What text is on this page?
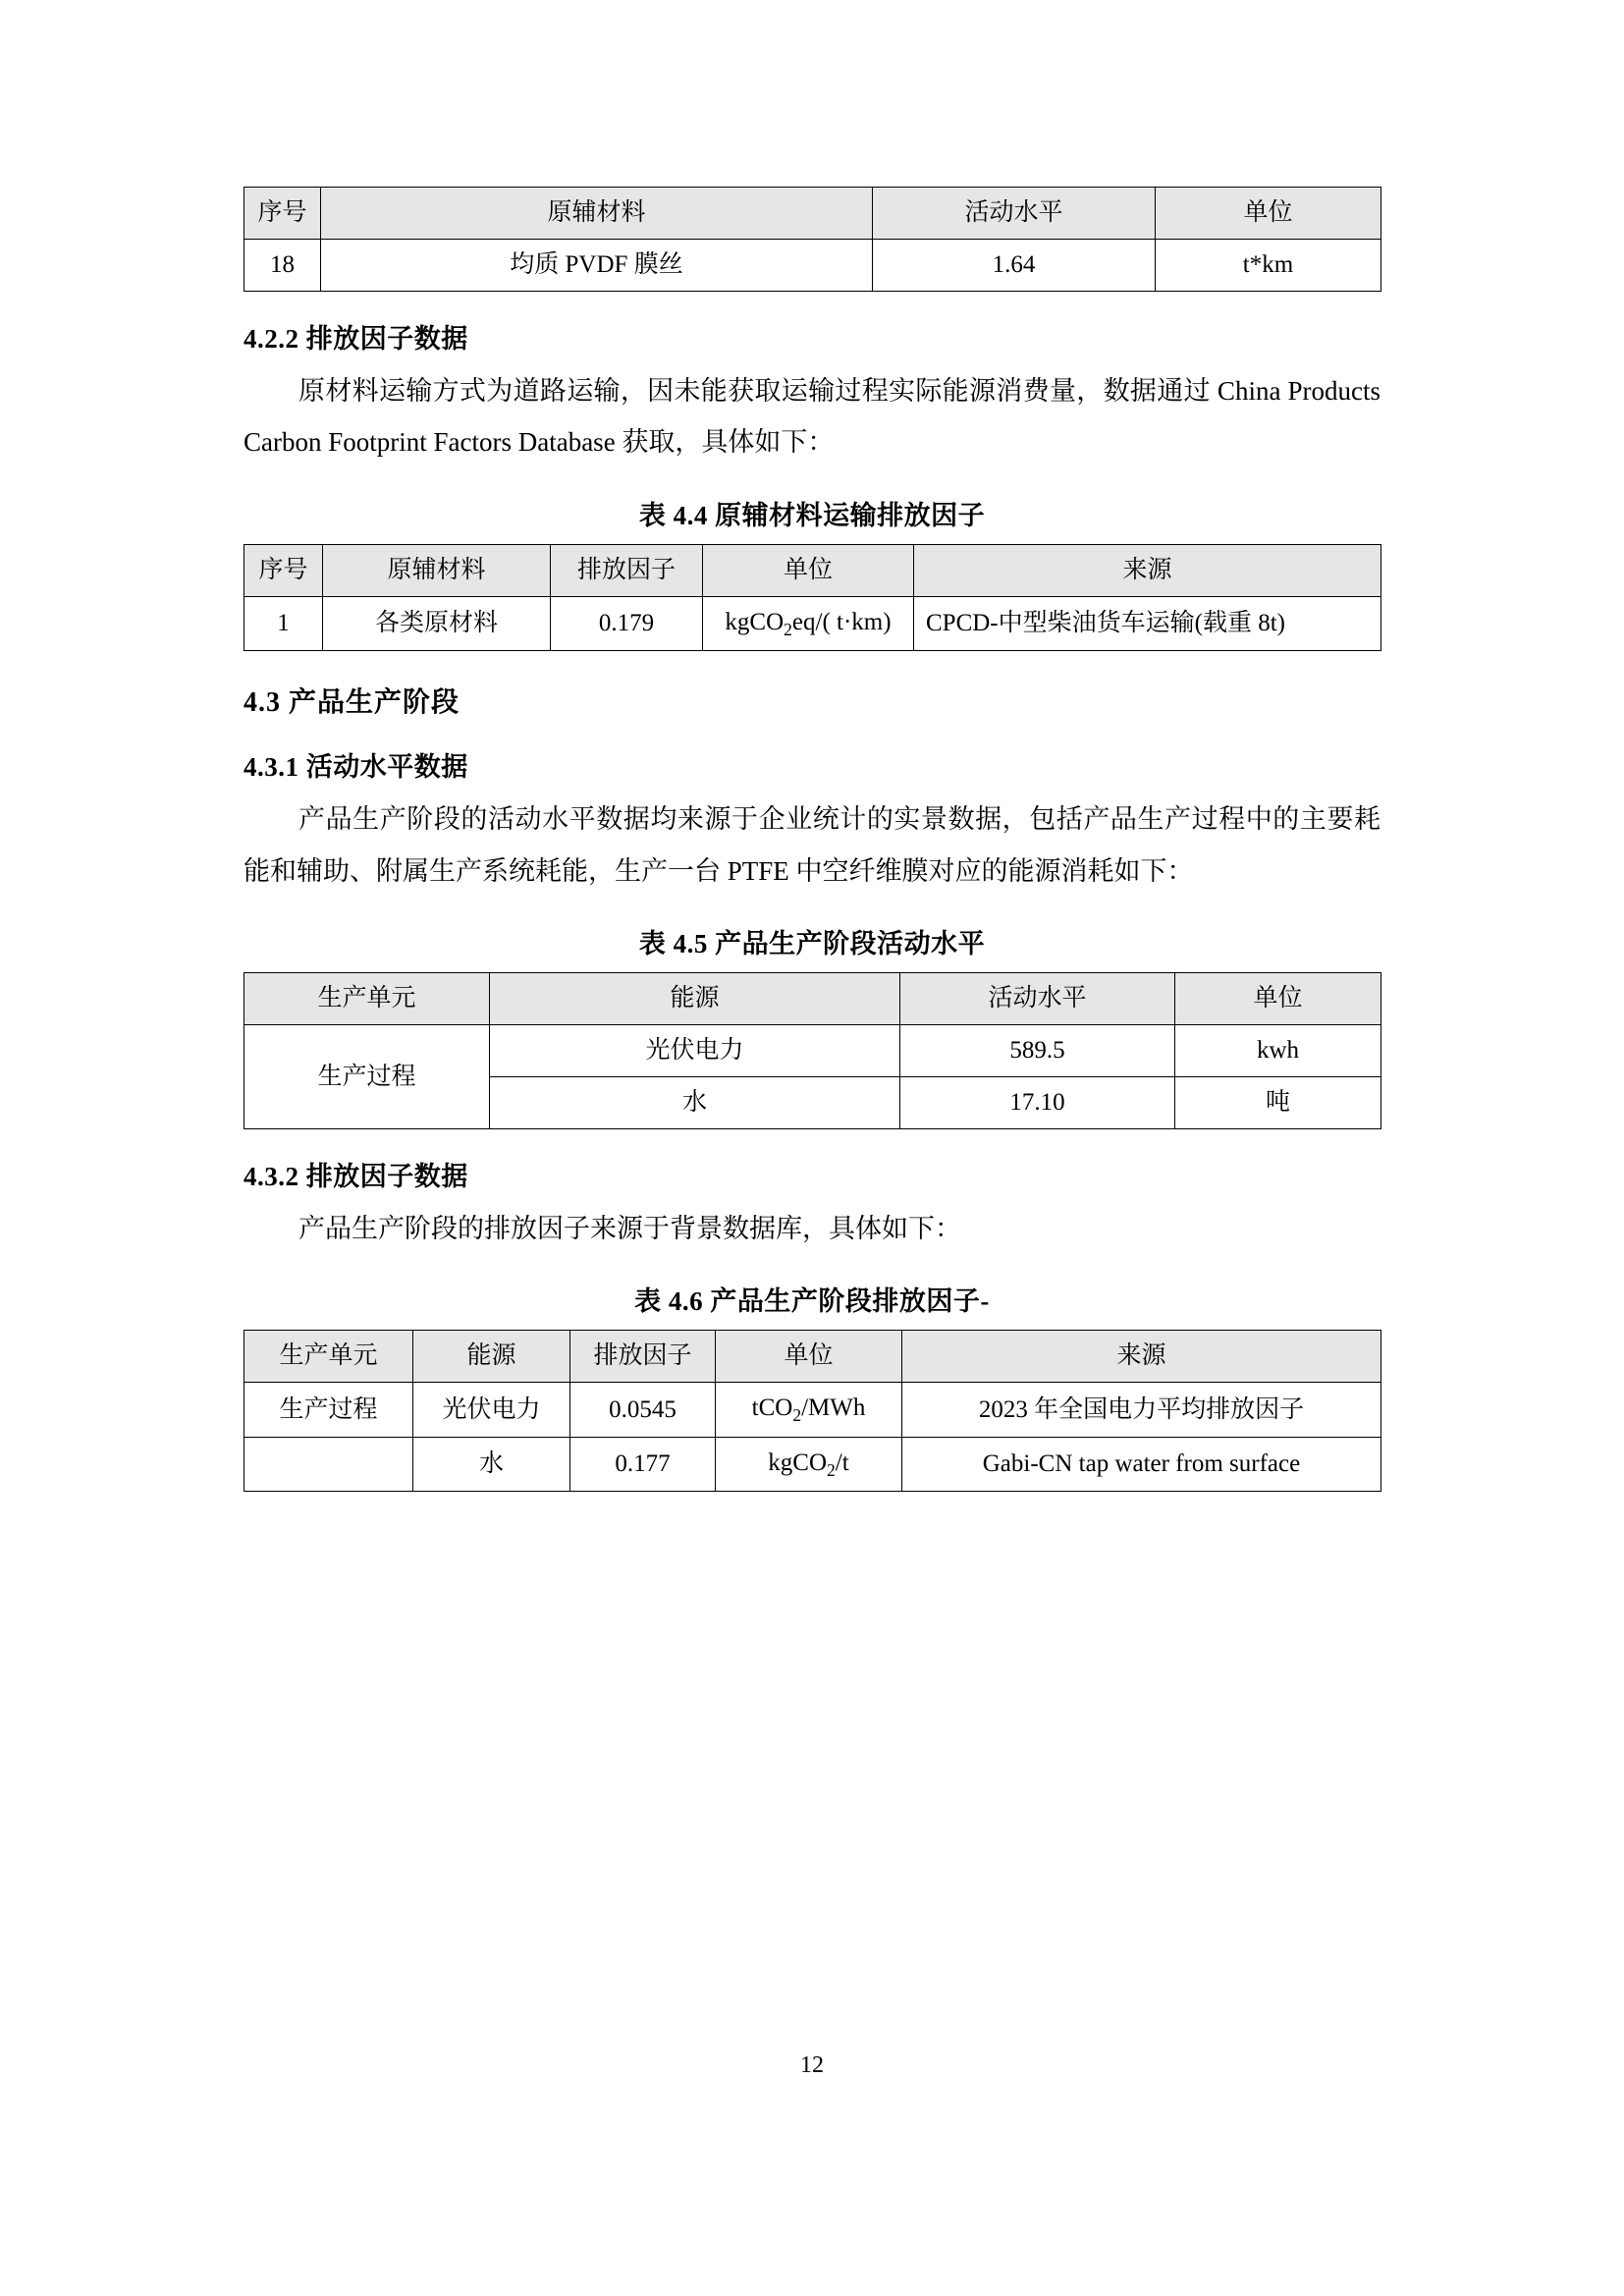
序号	原辅材料	活动水平	单位
18	均质 PVDF 膜丝	1.64	t*km
4.2.2 排放因子数据

原材料运输方式为道路运输，因未能获取运输过程实际能源消费量，数据通过 China Products Carbon Footprint Factors Database 获取，具体如下：

表 4.4 原辅材料运输排放因子
序号	原辅材料	排放因子	单位	来源
1	各类原材料	0.179	kgCO$_2$eq/( t·km)	CPCD-中型柴油货车运输(载重 8t)
4.3 产品生产阶段
4.3.1 活动水平数据

产品生产阶段的活动水平数据均来源于企业统计的实景数据，包括产品生产过程中的主要耗能和辅助、附属生产系统耗能，生产一台 PTFE 中空纤维膜对应的能源消耗如下：

表 4.5 产品生产阶段活动水平
生产单元	能源	活动水平	单位
生产过程	光伏电力	589.5	kwh
	水	17.10	吨
4.3.2 排放因子数据

产品生产阶段的排放因子来源于背景数据库，具体如下：

表 4.6 产品生产阶段排放因子-
生产单元	能源	排放因子	单位	来源
生产过程	光伏电力	0.0545	tCO$_2$/MWh	2023 年全国电力平均排放因子
	水	0.177	kgCO$_2$/t	Gabi-CN tap water from surface
12
